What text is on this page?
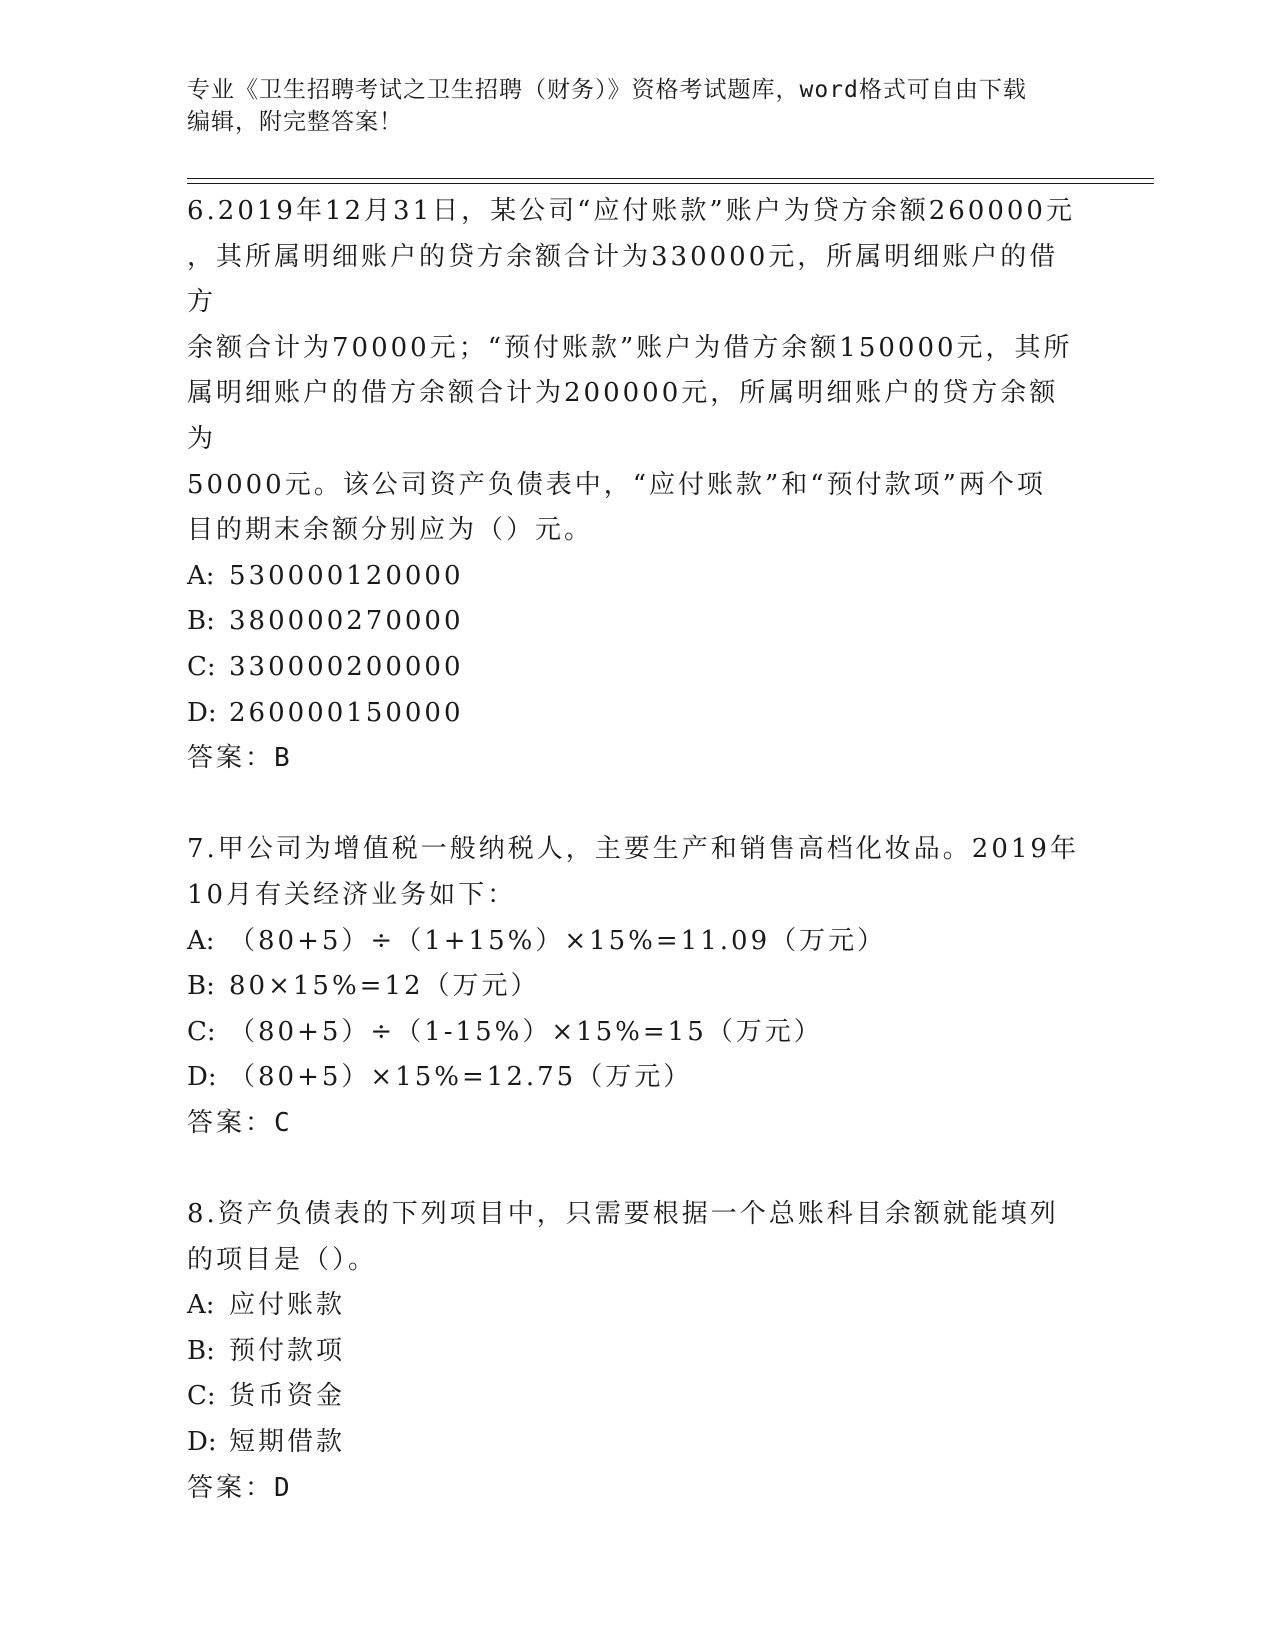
专业《卫生招聘考试之卫生招聘（财务）》资格考试题库，word格式可自由下载
编辑，附完整答案！
6.2019年12月31日，某公司“应付账款”账户为贷方余额260000元
，其所属明细账户的贷方余额合计为330000元，所属明细账户的借方
余额合计为70000元；“预付账款”账户为借方余额150000元，其所
属明细账户的借方余额合计为200000元，所属明细账户的贷方余额为
50000元。该公司资产负债表中，“应付账款”和“预付款项”两个项
目的期末余额分别应为（）元。
A: 530000120000
B: 380000270000
C: 330000200000
D: 260000150000
答案：B
7.甲公司为增值税一般纳税人，主要生产和销售高档化妆品。2019年
10月有关经济业务如下：
A: （80+5）÷（1+15%）×15%=11.09（万元）
B: 80×15%=12（万元）
C: （80+5）÷（1-15%）×15%=15（万元）
D: （80+5）×15%=12.75（万元）
答案：C
8.资产负债表的下列项目中，只需要根据一个总账科目余额就能填列
的项目是（）。
A: 应付账款
B: 预付款项
C: 货币资金
D: 短期借款
答案：D
